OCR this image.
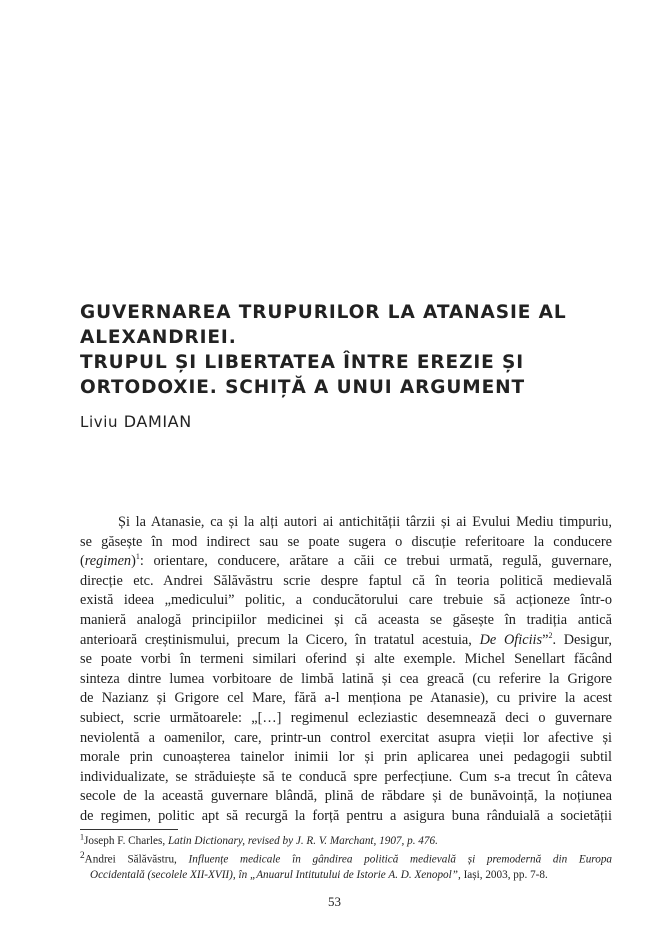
GUVERNAREA TRUPURILOR LA ATANASIE AL
ALEXANDRIEI.
TRUPUL ȘI LIBERTATEA ÎNTRE EREZIE ȘI
ORTODOXIE. SCHIȚĂ A UNUI ARGUMENT
Liviu DAMIAN
Și la Atanasie, ca și la alți autori ai antichității târzii și ai Evului Mediu timpuriu,
se găsește în mod indirect sau se poate sugera o discuție referitoare la conducere
(regimen)$^1$: orientare, conducere, arătare a căii ce trebui urmată, regulă, guvernare,
direcție etc. Andrei Sălăvăstru scrie despre faptul că în teoria politică medievală
există ideea „medicului” politic, a conducătorului care trebuie să acționeze într-o
manieră analogă principiilor medicinei și că aceasta se găsește în tradiția antică
anterioară creștinismului, precum la Cicero, în tratatul acestuia, De Oficiis”$^2$. Desigur,
se poate vorbi în termeni similari oferind și alte exemple. Michel Senellart făcând
sinteza dintre lumea vorbitoare de limbă latină și cea greacă (cu referire la Grigore
de Nazianz și Grigore cel Mare, fără a-l menționa pe Atanasie), cu privire la acest
subiect, scrie următoarele: „[…] regimenul ecleziastic desemnează deci o guvernare
neviolentă a oamenilor, care, printr-un control exercitat asupra vieții lor afective și
morale prin cunoașterea tainelor inimii lor și prin aplicarea unei pedagogii subtil
individualizate, se străduiește să te conducă spre perfecțiune. Cum s-a trecut în câteva
secole de la această guvernare blândă, plină de răbdare și de bunăvoință, la noțiunea
de regimen, politic apt să recurgă la forță pentru a asigura buna rânduială a societății
$^1$Joseph F. Charles, Latin Dictionary, revised by J. R. V. Marchant, 1907, p. 476.
$^2$Andrei Sălăvăstru, Influențe medicale în gândirea politică medievală și premodernă din Europa
Occidentală (secolele XII-XVII), în „Anuarul Intitutului de Istorie A. D. Xenopol”, Iași, 2003, pp. 7-8.
53
